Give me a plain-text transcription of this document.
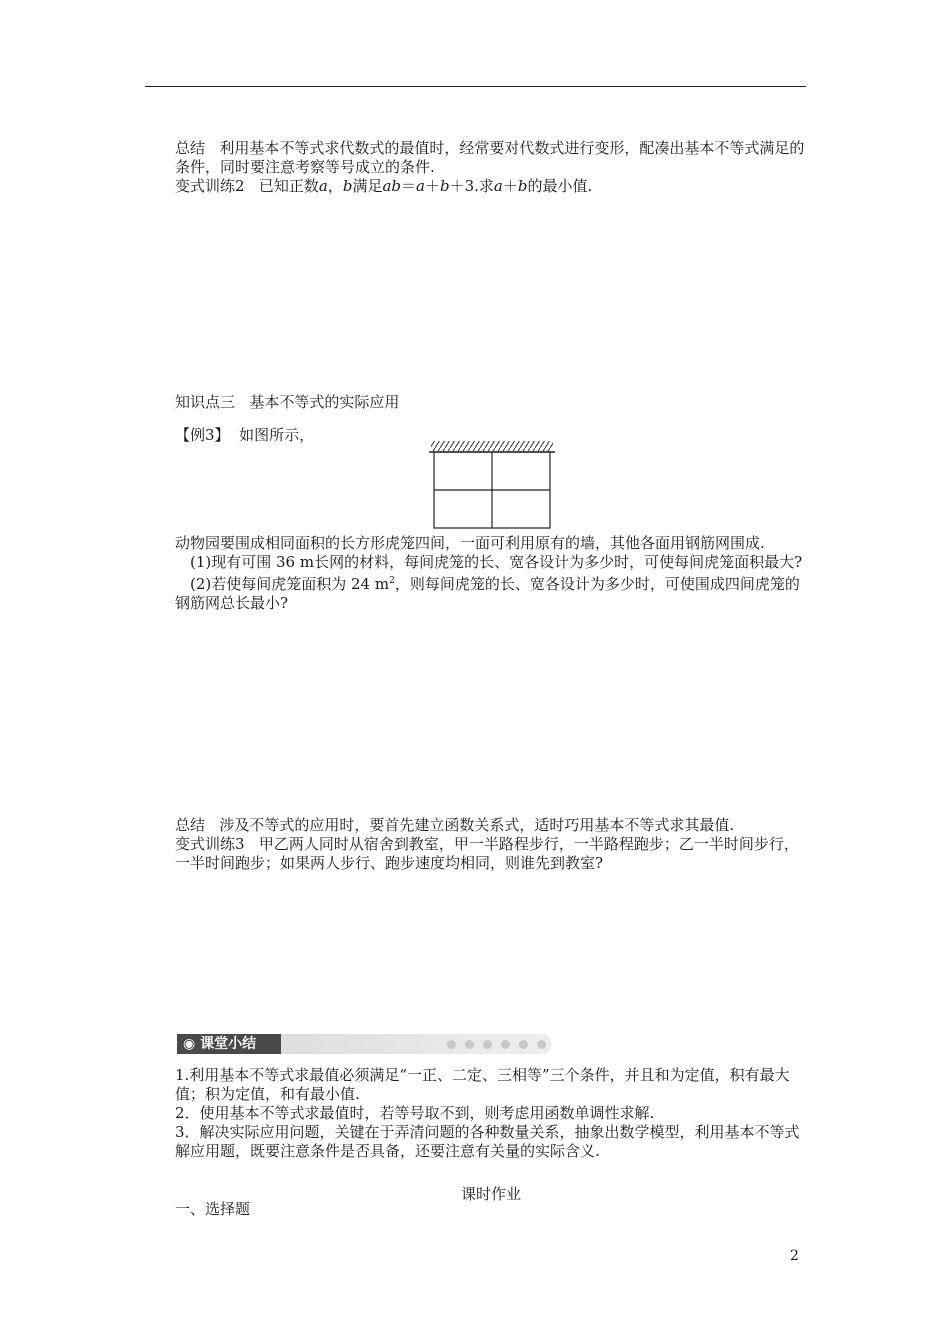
总结 利用基本不等式求代数式的最值时，经常要对代数式进行变形，配凑出基本不等式满足的条件，同时要注意考察等号成立的条件.

变式训练2 已知正数a，b满足ab＝a＋b＋3.求a＋b的最小值.

知识点三 基本不等式的实际应用

【例3】 如图所示，

动物园要围成相同面积的长方形虎笼四间，一面可利用原有的墙，其他各面用钢筋网围成.

(1)现有可围 36 m长网的材料，每间虎笼的长、宽各设计为多少时，可使每间虎笼面积最大?

(2)若使每间虎笼面积为 24 $m^2$，则每间虎笼的长、宽各设计为多少时，可使围成四间虎笼的钢筋网总长最小?

总结 涉及不等式的应用时，要首先建立函数关系式，适时巧用基本不等式求其最值.

变式训练3 甲乙两人同时从宿舍到教室，甲一半路程步行，一半路程跑步；乙一半时间步行，一半时间跑步；如果两人步行、跑步速度均相同，则谁先到教室?

◉ 课堂小结

1.利用基本不等式求最值必须满足“一正、二定、三相等”三个条件，并且和为定值，积有最大值；积为定值，和有最小值.

2．使用基本不等式求最值时，若等号取不到，则考虑用函数单调性求解.

3．解决实际应用问题，关键在于弄清问题的各种数量关系，抽象出数学模型，利用基本不等式解应用题，既要注意条件是否具备，还要注意有关量的实际含义.

课时作业
一、选择题
2
